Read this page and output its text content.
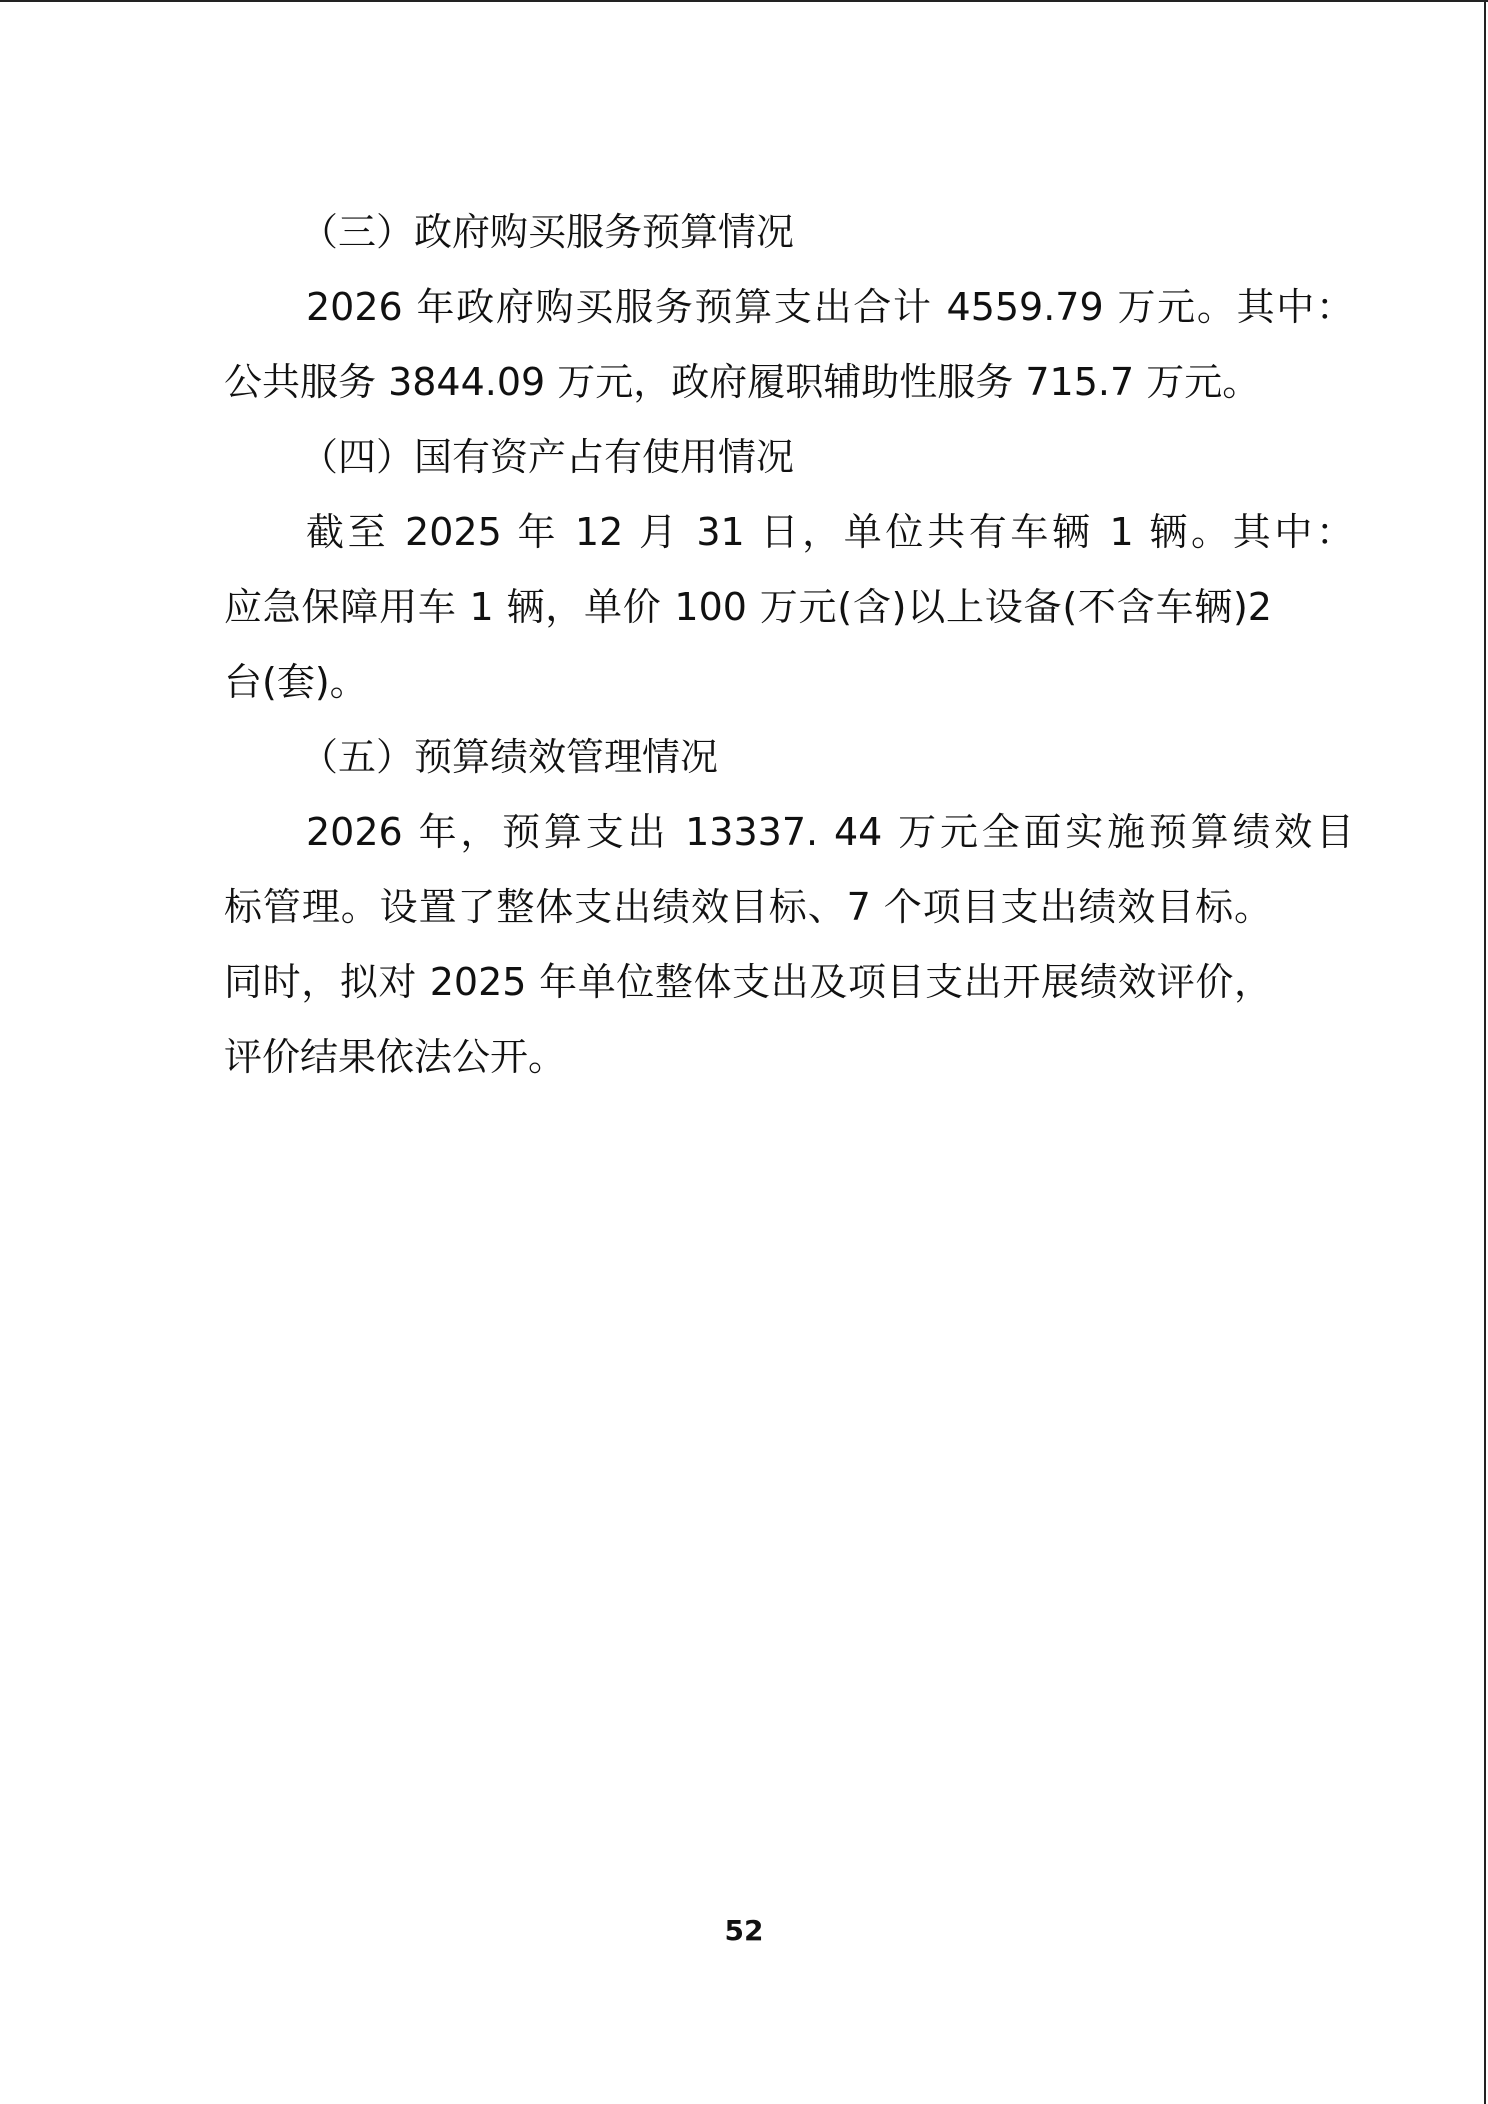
（三）政府购买服务预算情况
2026 年政府购买服务预算支出合计 4559.79 万元。其中：
公共服务 3844.09 万元，政府履职辅助性服务 715.7 万元。
（四）国有资产占有使用情况
截至 2025 年 12 月 31 日，单位共有车辆 1 辆。其中：
应急保障用车 1 辆，单价 100 万元(含)以上设备(不含车辆)2
台(套)。
（五）预算绩效管理情况
2026 年，预算支出 13337. 44 万元全面实施预算绩效目
标管理。设置了整体支出绩效目标、7 个项目支出绩效目标。
同时，拟对 2025 年单位整体支出及项目支出开展绩效评价，
评价结果依法公开。
52
